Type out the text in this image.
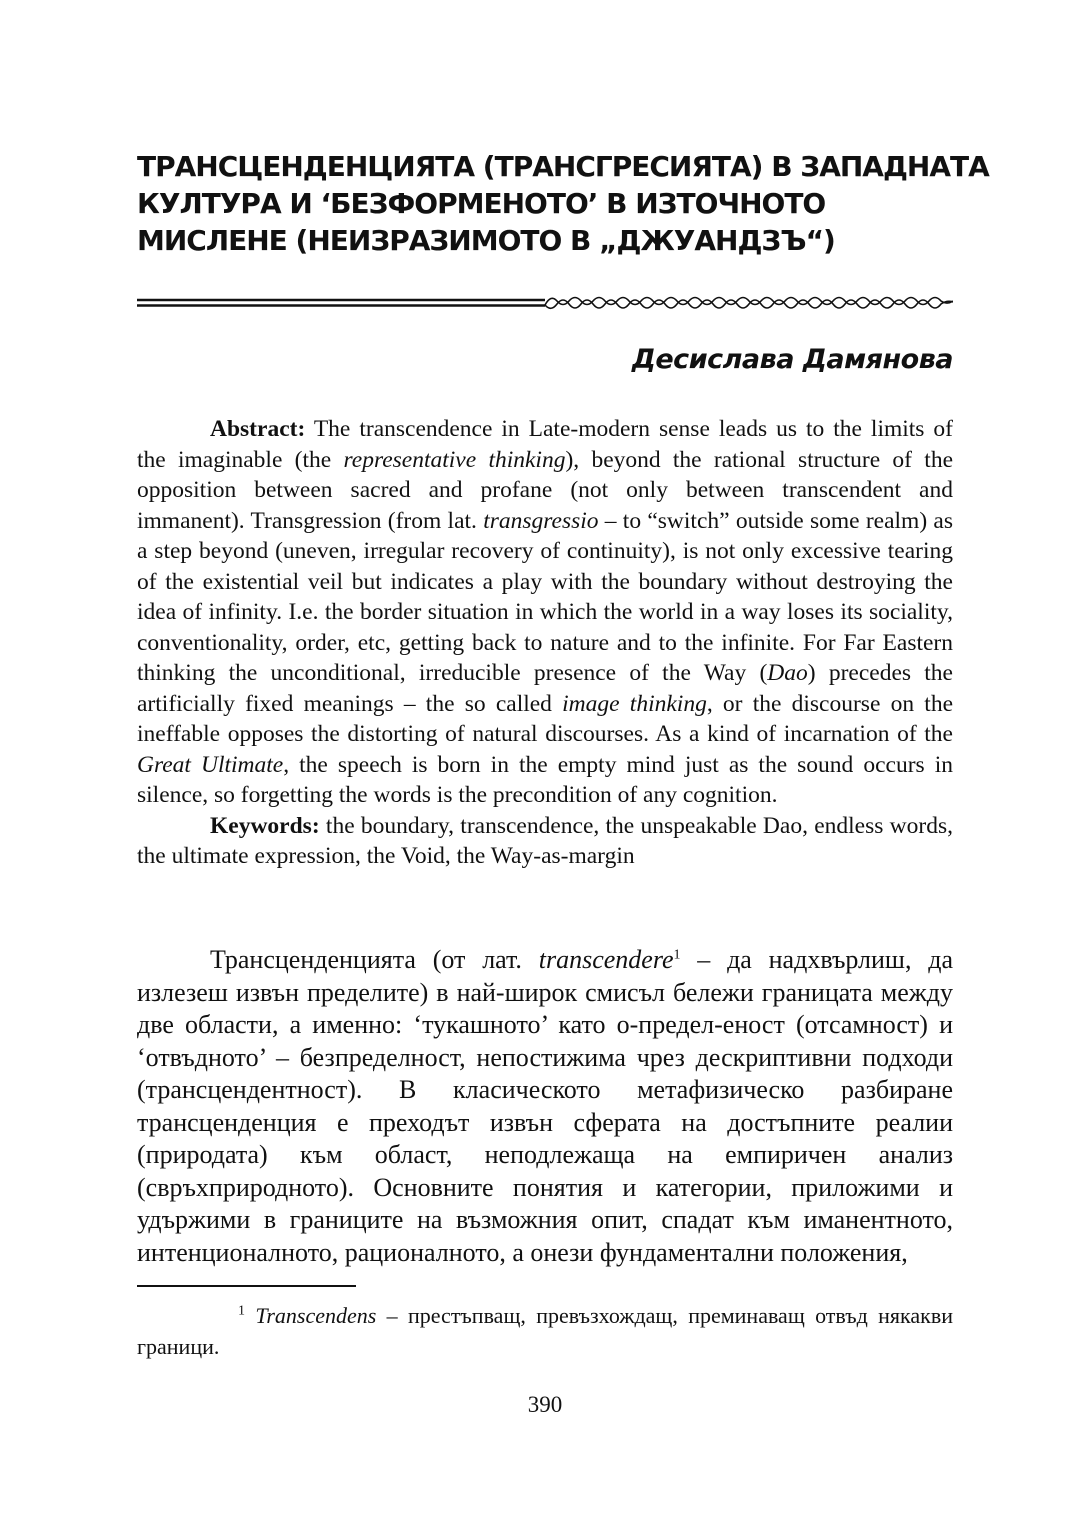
ТРАНСЦЕНДЕНЦИЯТА (ТРАНСГРЕСИЯТА) В ЗАПАДНАТА
КУЛТУРА И ‘БЕЗФОРМЕНОТО’ В ИЗТОЧНОТО
МИСЛЕНЕ (НЕИЗРАЗИМОТО В „ДЖУАНДЗЪ“)

Десислава Дамянова

Abstract: The transcendence in Late-modern sense leads us to the limits of the imaginable (the representative thinking), beyond the rational structure of the opposition between sacred and profane (not only between transcendent and immanent). Transgression (from lat. transgressio – to “switch” outside some realm) as a step beyond (uneven, irregular recovery of continuity), is not only excessive tearing of the existential veil but indicates a play with the boundary without destroying the idea of infinity. I.e. the border situation in which the world in a way loses its sociality, conventionality, order, etc, getting back to nature and to the infinite. For Far Eastern thinking the unconditional, irreducible presence of the Way (Dao) precedes the artificially fixed meanings – the so called image thinking, or the discourse on the ineffable opposes the distorting of natural discourses. As a kind of incarnation of the Great Ultimate, the speech is born in the empty mind just as the sound occurs in silence, so forgetting the words is the precondition of any cognition.

Keywords: the boundary, transcendence, the unspeakable Dao, endless words, the ultimate expression, the Void, the Way-as-margin

Трансценденцията (от лат. transcendere$^1$ – да надхвърлиш, да излезеш извън пределите) в най-широк смисъл бележи границата между две области, а именно: ‘тукашното’ като о-предел-еност (отсамност) и ‘отвъдното’ – безпределност, непостижима чрез дескриптивни подходи (трансцендентност). В класическото метафизическо разбиране трансценденция е преходът извън сферата на достъпните реалии (природата) към област, неподлежаща на емпиричен анализ (свръхприродното). Основните понятия и категории, приложими и удържими в границите на възможния опит, спадат към иманентното, интенционалното, рационалното, а онези фундаментални положения,

$^1$ Transcendens – престъпващ, превъзхождащ, преминаващ отвъд някакви граници.

390
